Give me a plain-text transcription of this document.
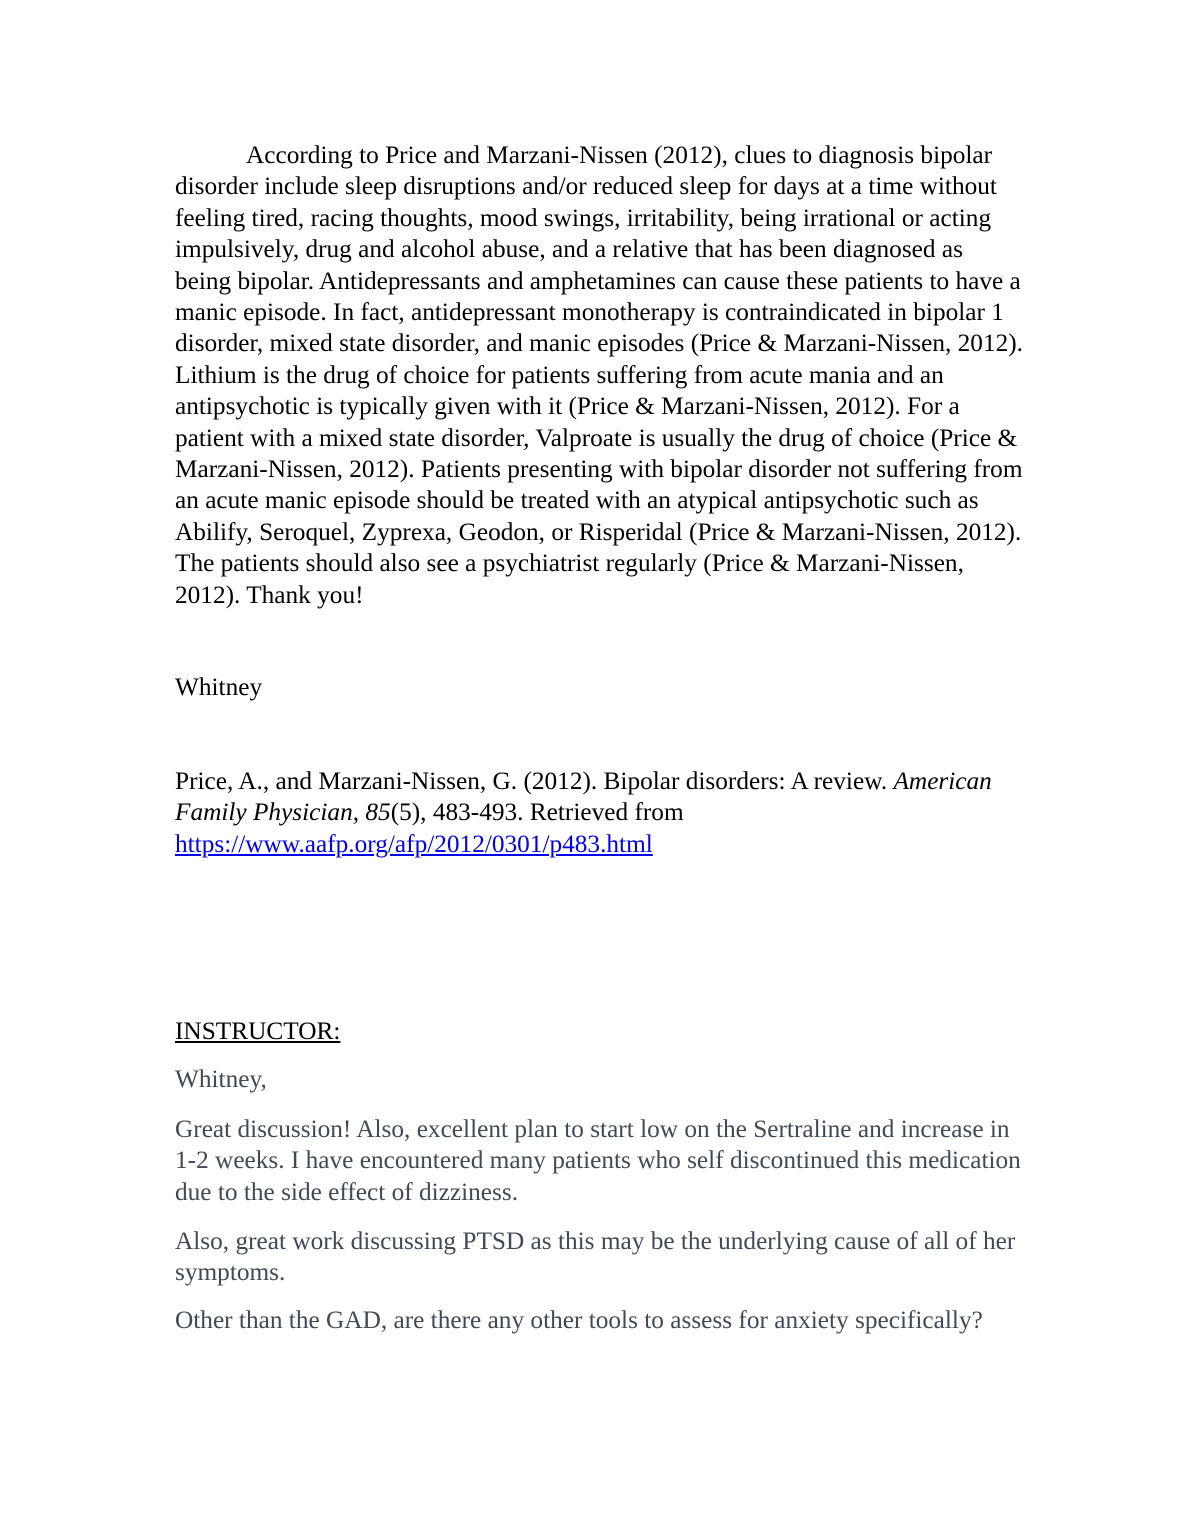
According to Price and Marzani-Nissen (2012), clues to diagnosis bipolar disorder include sleep disruptions and/or reduced sleep for days at a time without feeling tired, racing thoughts, mood swings, irritability, being irrational or acting impulsively, drug and alcohol abuse, and a relative that has been diagnosed as being bipolar. Antidepressants and amphetamines can cause these patients to have a manic episode. In fact, antidepressant monotherapy is contraindicated in bipolar 1 disorder, mixed state disorder, and manic episodes (Price & Marzani-Nissen, 2012). Lithium is the drug of choice for patients suffering from acute mania and an antipsychotic is typically given with it (Price & Marzani-Nissen, 2012). For a patient with a mixed state disorder, Valproate is usually the drug of choice (Price & Marzani-Nissen, 2012). Patients presenting with bipolar disorder not suffering from an acute manic episode should be treated with an atypical antipsychotic such as Abilify, Seroquel, Zyprexa, Geodon, or Risperidal (Price & Marzani-Nissen, 2012). The patients should also see a psychiatrist regularly (Price & Marzani-Nissen, 2012). Thank you!

Whitney

Price, A., and Marzani-Nissen, G. (2012). Bipolar disorders: A review. American Family Physician, 85(5), 483-493. Retrieved from
https://www.aafp.org/afp/2012/0301/p483.html

INSTRUCTOR:

Whitney,

Great discussion! Also, excellent plan to start low on the Sertraline and increase in 1-2 weeks. I have encountered many patients who self discontinued this medication due to the side effect of dizziness.

Also, great work discussing PTSD as this may be the underlying cause of all of her symptoms.

Other than the GAD, are there any other tools to assess for anxiety specifically?
